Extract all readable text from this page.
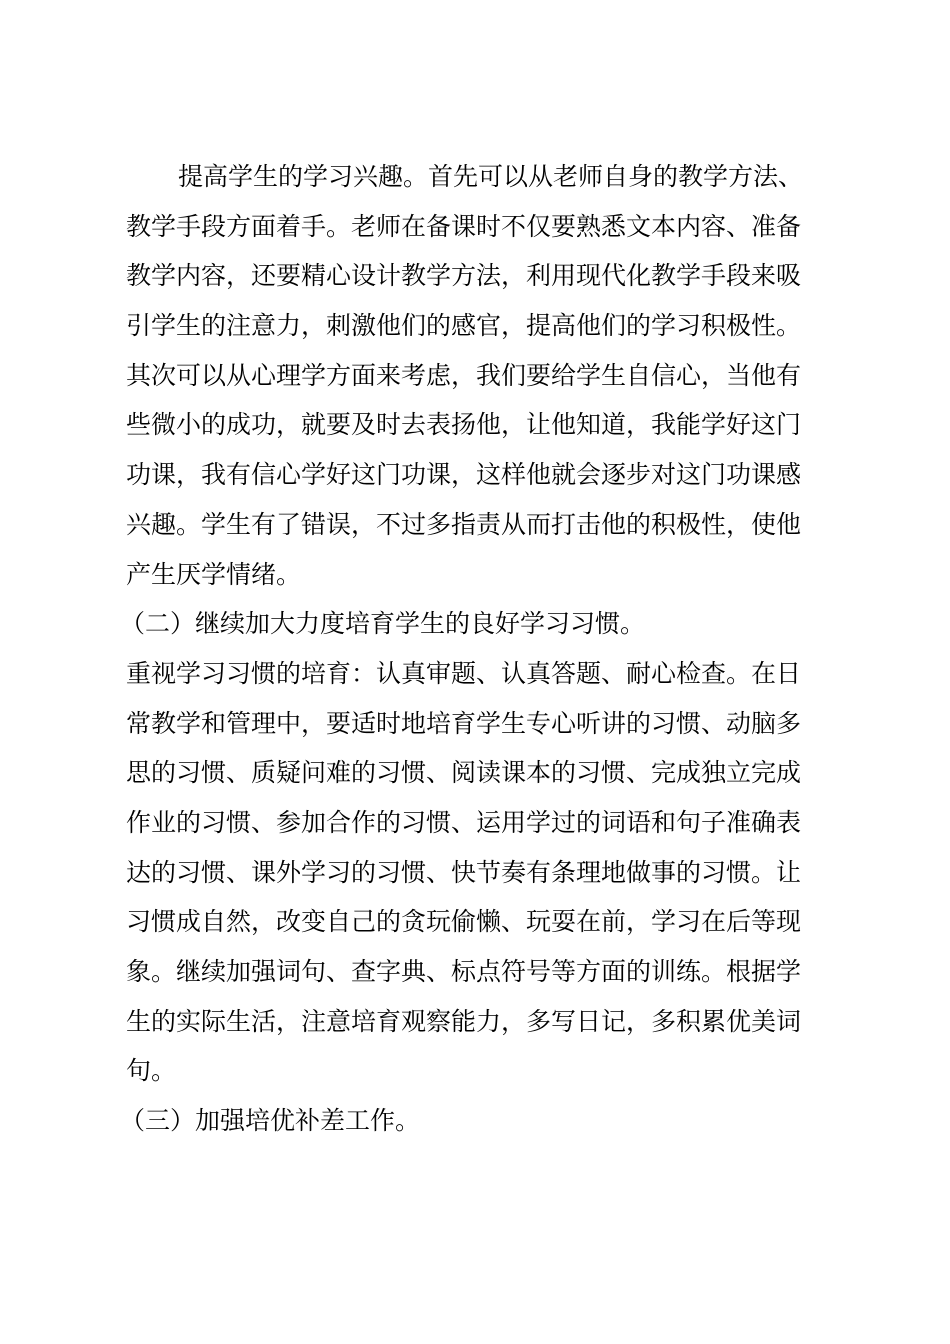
提高学生的学习兴趣。首先可以从老师自身的教学方法、
教学手段方面着手。老师在备课时不仅要熟悉文本内容、准备
教学内容，还要精心设计教学方法，利用现代化教学手段来吸
引学生的注意力，刺激他们的感官，提高他们的学习积极性。
其次可以从心理学方面来考虑，我们要给学生自信心，当他有
些微小的成功，就要及时去表扬他，让他知道，我能学好这门
功课，我有信心学好这门功课，这样他就会逐步对这门功课感
兴趣。学生有了错误，不过多指责从而打击他的积极性，使他
产生厌学情绪。
（二）继续加大力度培育学生的良好学习习惯。
重视学习习惯的培育：认真审题、认真答题、耐心检查。在日
常教学和管理中，要适时地培育学生专心听讲的习惯、动脑多
思的习惯、质疑问难的习惯、阅读课本的习惯、完成独立完成
作业的习惯、参加合作的习惯、运用学过的词语和句子准确表
达的习惯、课外学习的习惯、快节奏有条理地做事的习惯。让
习惯成自然，改变自己的贪玩偷懒、玩耍在前，学习在后等现
象。继续加强词句、查字典、标点符号等方面的训练。根据学
生的实际生活，注意培育观察能力，多写日记，多积累优美词
句。
（三）加强培优补差工作。
